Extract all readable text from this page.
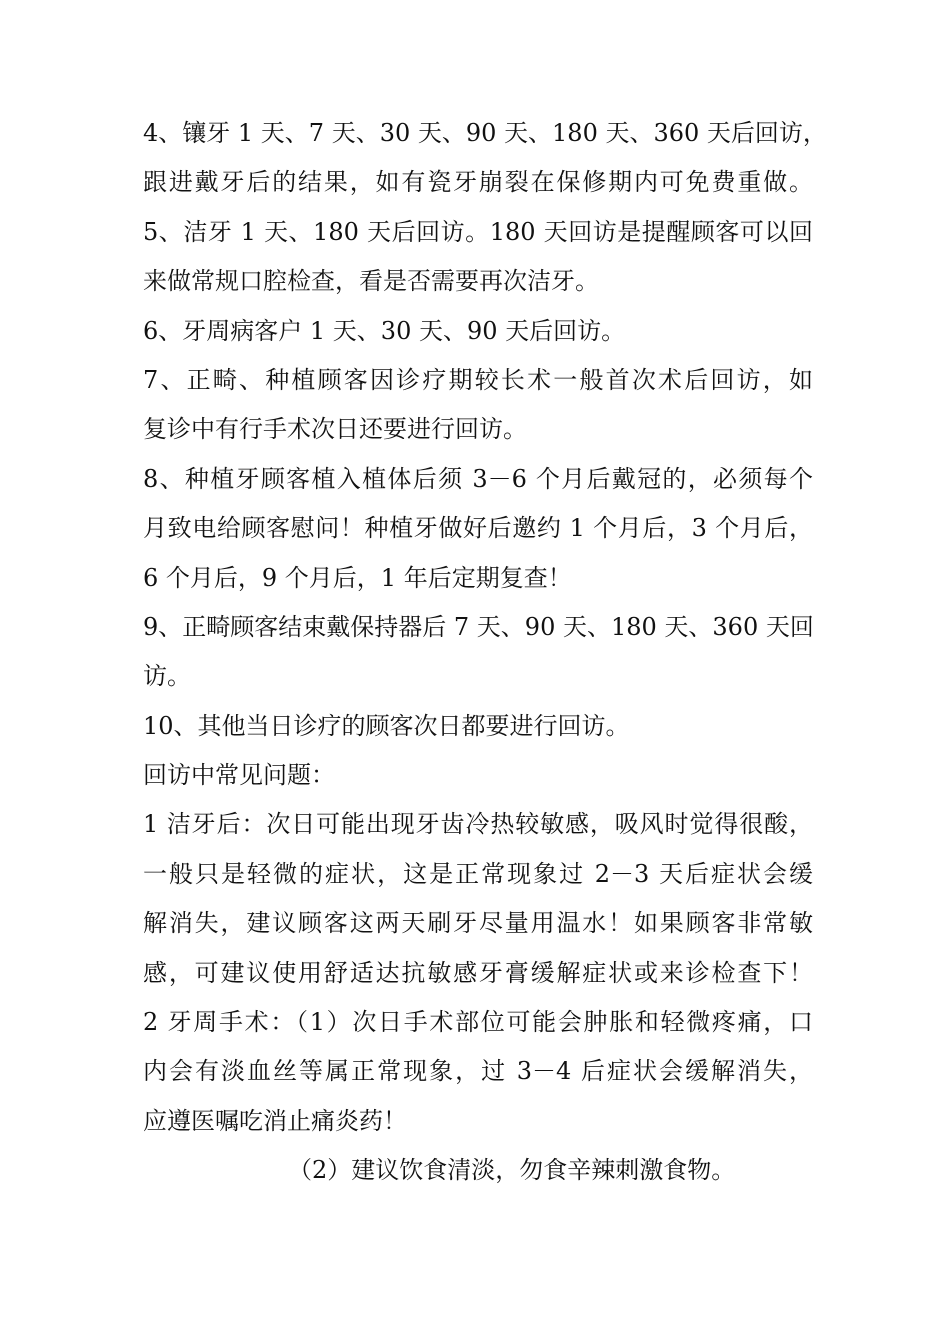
4、镶牙 1 天、7 天、30 天、90 天、180 天、360 天后回访，
跟进戴牙后的结果，如有瓷牙崩裂在保修期内可免费重做。
5、洁牙 1 天、180 天后回访。180 天回访是提醒顾客可以回
来做常规口腔检查，看是否需要再次洁牙。
6、牙周病客户 1 天、30 天、90 天后回访。
7、正畸、种植顾客因诊疗期较长术一般首次术后回访，如
复诊中有行手术次日还要进行回访。
8、种植牙顾客植入植体后须 3－6 个月后戴冠的，必须每个
月致电给顾客慰问！种植牙做好后邀约 1 个月后，3 个月后，
6 个月后，9 个月后，1 年后定期复查！
9、正畸顾客结束戴保持器后 7 天、90 天、180 天、360 天回
访。
10、其他当日诊疗的顾客次日都要进行回访。
回访中常见问题：
1 洁牙后：次日可能出现牙齿冷热较敏感，吸风时觉得很酸，
一般只是轻微的症状，这是正常现象过 2－3 天后症状会缓
解消失，建议顾客这两天刷牙尽量用温水！如果顾客非常敏
感，可建议使用舒适达抗敏感牙膏缓解症状或来诊检查下！
2 牙周手术：（1）次日手术部位可能会肿胀和轻微疼痛，口
内会有淡血丝等属正常现象，过 3－4 后症状会缓解消失，
应遵医嘱吃消止痛炎药！
（2）建议饮食清淡，勿食辛辣刺激食物。
